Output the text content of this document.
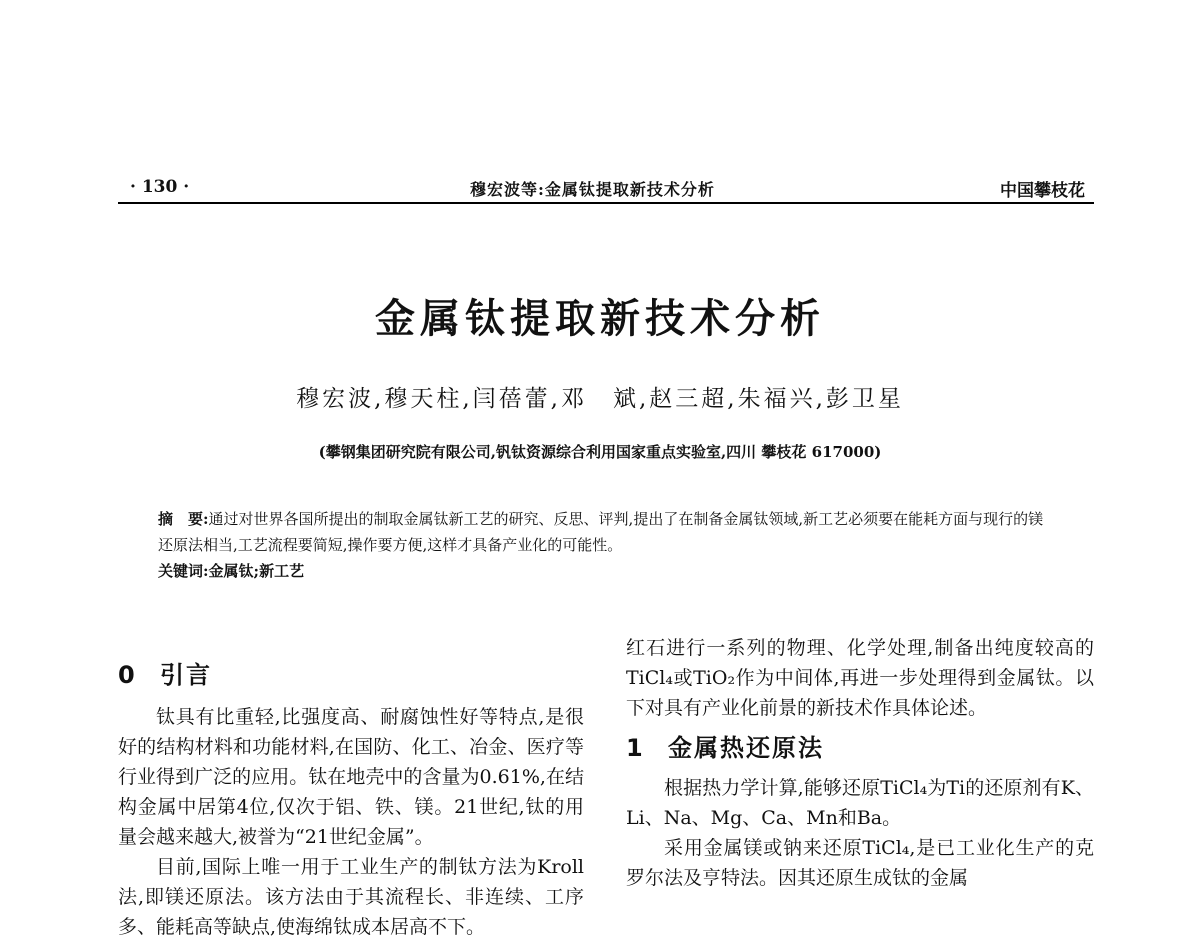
· 130 ·	穆宏波等:金属钛提取新技术分析	中国攀枝花
金属钛提取新技术分析
穆宏波,穆天柱,闫蓓蕾,邓　斌,赵三超,朱福兴,彭卫星
(攀钢集团研究院有限公司,钒钛资源综合利用国家重点实验室,四川 攀枝花 617000)

摘　要:通过对世界各国所提出的制取金属钛新工艺的研究、反思、评判,提出了在制备金属钛领域,新工艺必须要在能耗方面与现行的镁还原法相当,工艺流程要简短,操作要方便,这样才具备产业化的可能性。

关键词:金属钛;新工艺

0 引言

钛具有比重轻,比强度高、耐腐蚀性好等特点,是很好的结构材料和功能材料,在国防、化工、冶金、医疗等行业得到广泛的应用。钛在地壳中的含量为0.61%,在结构金属中居第4位,仅次于铝、铁、镁。21世纪,钛的用量会越来越大,被誉为“21世纪金属”。

目前,国际上唯一用于工业生产的制钛方法为Kroll法,即镁还原法。该方法由于其流程长、非连续、工序多、能耗高等缺点,使海绵钛成本居高不下。

红石进行一系列的物理、化学处理,制备出纯度较高的TiCl₄或TiO₂作为中间体,再进一步处理得到金属钛。以下对具有产业化前景的新技术作具体论述。

1 金属热还原法

根据热力学计算,能够还原TiCl₄为Ti的还原剂有K、Li、Na、Mg、Ca、Mn和Ba。

采用金属镁或钠来还原TiCl₄,是已工业化生产的克罗尔法及亨特法。因其还原生成钛的金属
